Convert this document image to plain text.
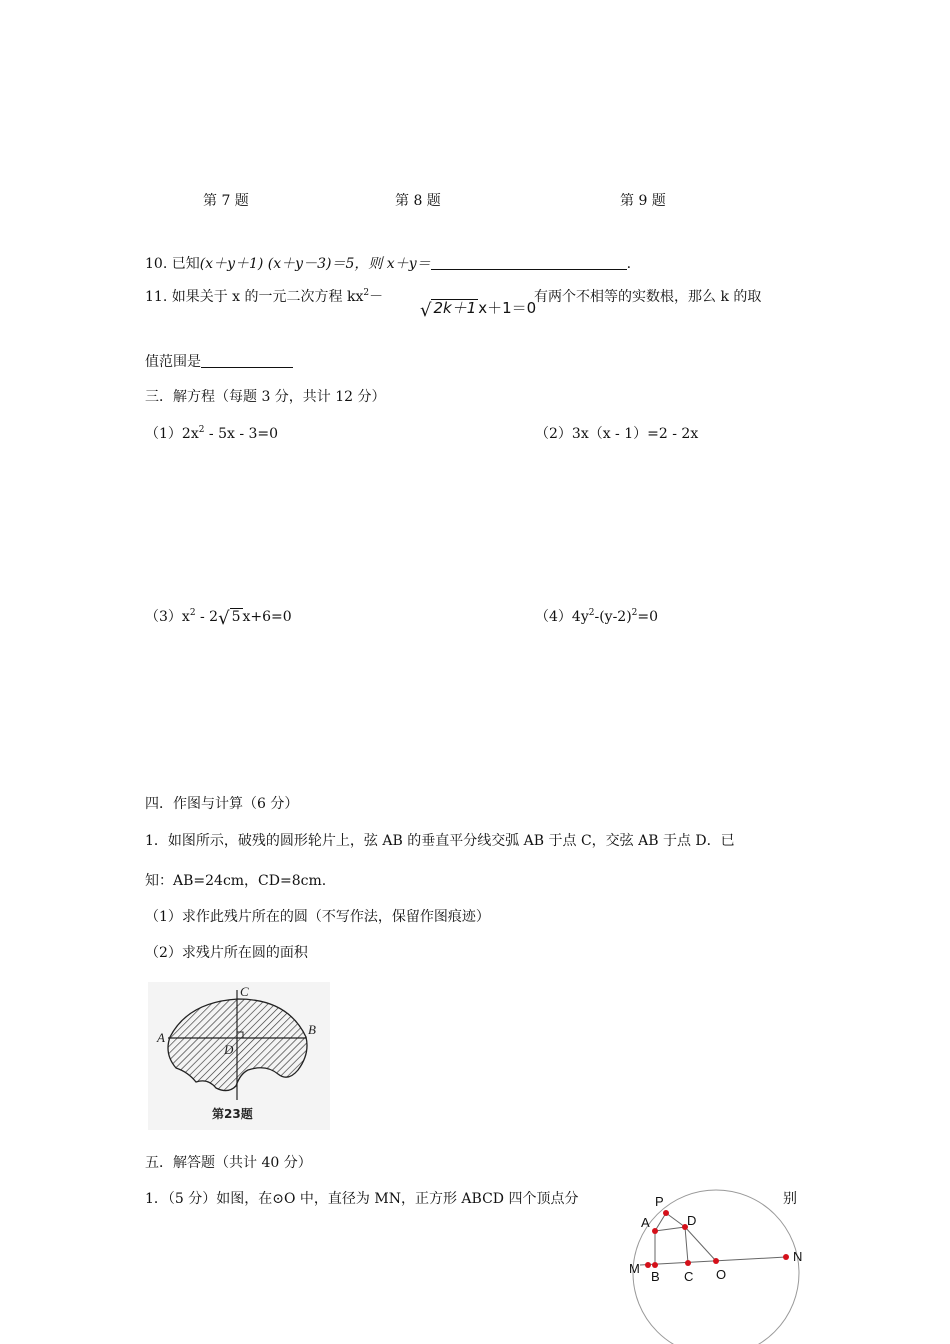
第 7 题	第 8 题	第 9 题
10. 已知(x＋y＋1) (x＋y－3)＝5，则 x＋y＝	.
11. 如果关于 x 的一元二次方程 $kx^2-$
√ 2k＋1 x＋1＝0
有两个不相等的实数根，那么 k 的取
值范围是
三．解方程（每题 3 分，共计 12 分）
$(1)2x^2 - 5x - 3=0$	（2）3x（x - 1）=2 - 2x
$(3)x^2 - 2√$ 5 x+6=0	$(4)4y^2-(y-2)^2=0$
四．作图与计算（6 分）
1．如图所示，破残的圆形轮片上，弦 AB 的垂直平分线交弧 AB 于点 C，交弦 AB 于点 D．已
知：AB=24cm，CD=8cm.
（1）求作此残片所在的圆（不写作法，保留作图痕迹）
（2）求残片所在圆的面积
C
A
B
D
第23题
五．解答题（共计 40 分）
1．（5 分）如图，在⊙O 中，直径为 MN，正方形 ABCD 四个顶点分	别
P
A	D
M
B C O
N
